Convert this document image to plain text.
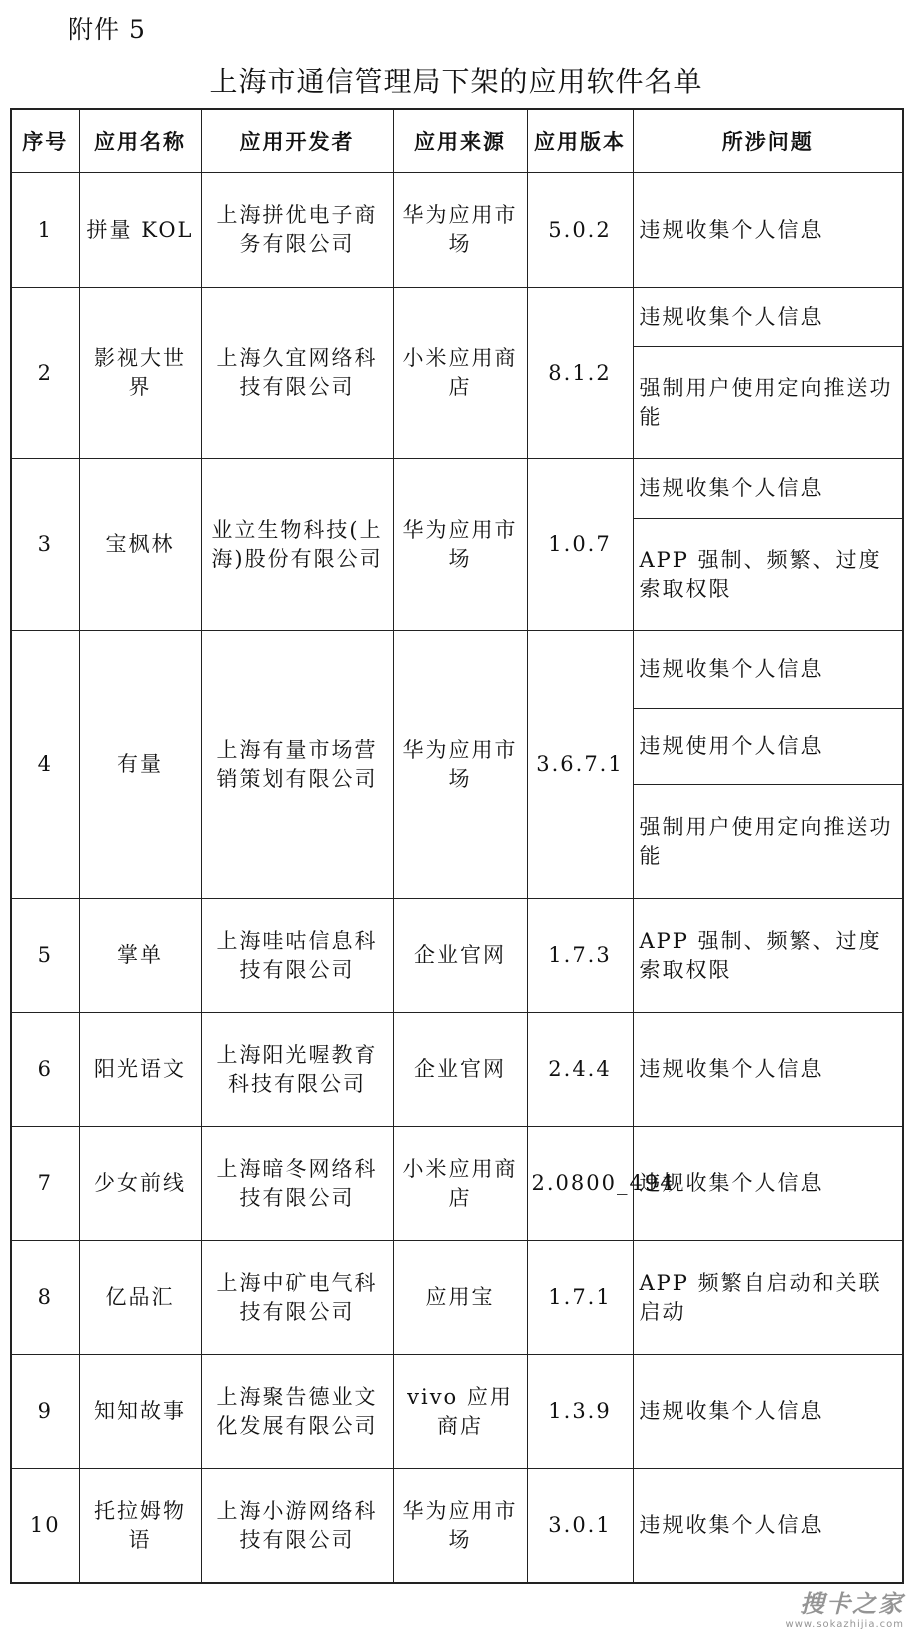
附件 5
上海市通信管理局下架的应用软件名单
序号	应用名称	应用开发者	应用来源	应用版本	所涉问题
1	拼量 KOL	上海拼优电子商务有限公司	华为应用市场	5.0.2	违规收集个人信息

2	影视大世界	上海久宜网络科技有限公司	小米应用商店	8.1.2	违规收集个人信息
强制用户使用定向推送功能

3	宝枫林	业立生物科技(上海)股份有限公司	华为应用市场	1.0.7	违规收集个人信息
APP 强制、频繁、过度索取权限

4	有量	上海有量市场营销策划有限公司	华为应用市场	3.6.7.1	违规收集个人信息
违规使用个人信息
强制用户使用定向推送功能

5	掌单	上海哇咕信息科技有限公司	企业官网	1.7.3	APP 强制、频繁、过度索取权限

6	阳光语文	上海阳光喔教育科技有限公司	企业官网	2.4.4	违规收集个人信息

7	少女前线	上海暗冬网络科技有限公司	小米应用商店	2.0800_494	违规收集个人信息

8	亿品汇	上海中矿电气科技有限公司	应用宝	1.7.1	APP 频繁自启动和关联启动

9	知知故事	上海聚告德业文化发展有限公司	vivo 应用商店	1.3.9	违规收集个人信息

10	托拉姆物语	上海小游网络科技有限公司	华为应用市场	3.0.1	违规收集个人信息
搜卡之家
www.sokazhijia.com
